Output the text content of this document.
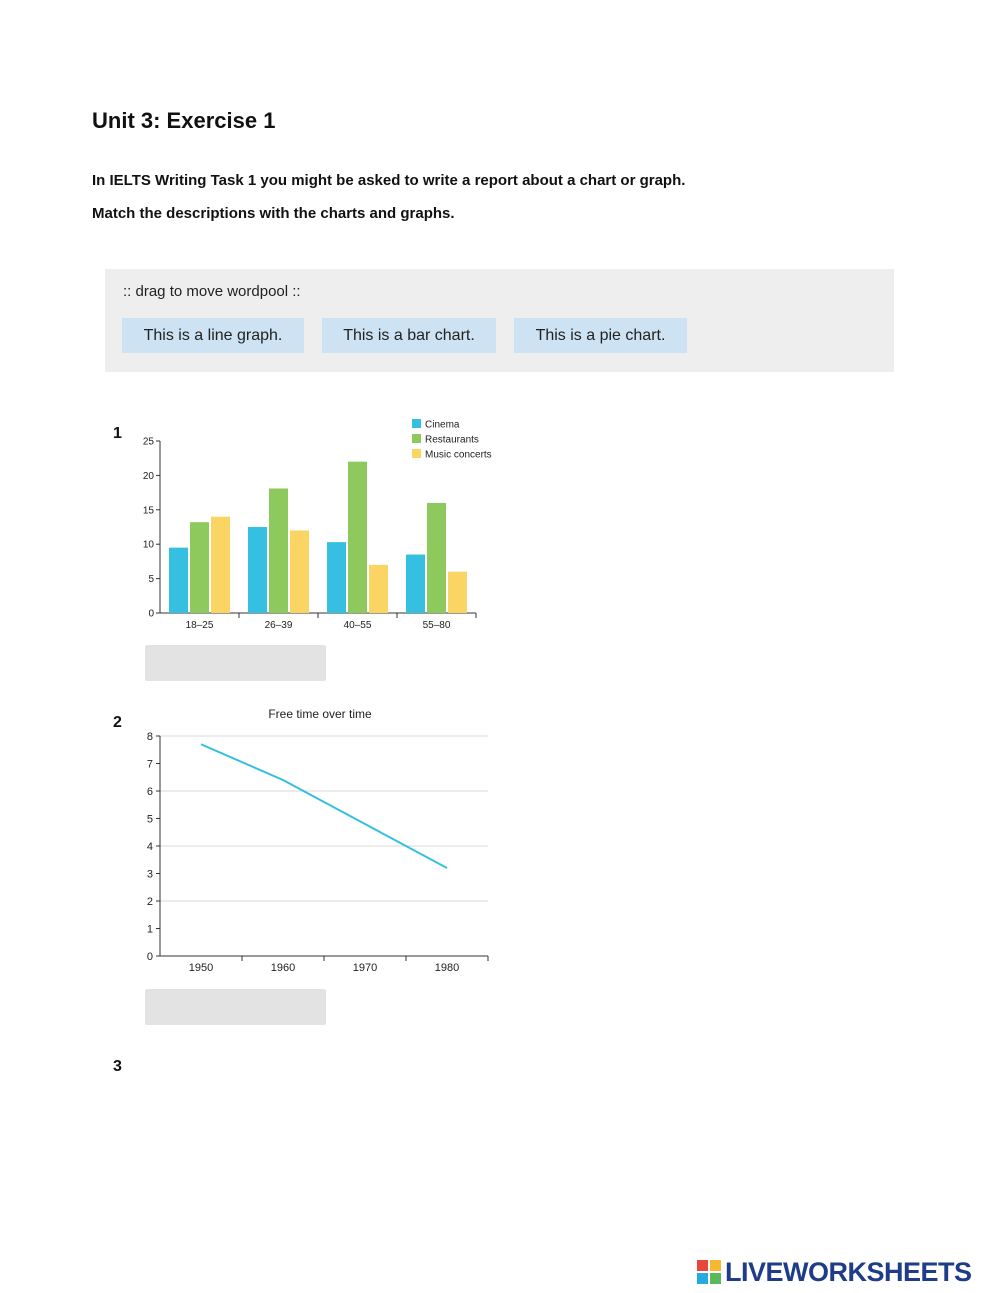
Unit 3: Exercise 1

In IELTS Writing Task 1 you might be asked to write a report about a chart or graph.

Match the descriptions with the charts and graphs.

:: drag to move wordpool ::
This is a line graph.	This is a bar chart.	This is a pie chart.
1
0
5
10
15
20
25
18–25	26–39	40–55	55–80
Cinema
Restaurants
Music concerts
2	Free time over time
0
1
2
3
4
5
6
7
8
1950	1960	1970	1980
3
LIVEWORKSHEETS
